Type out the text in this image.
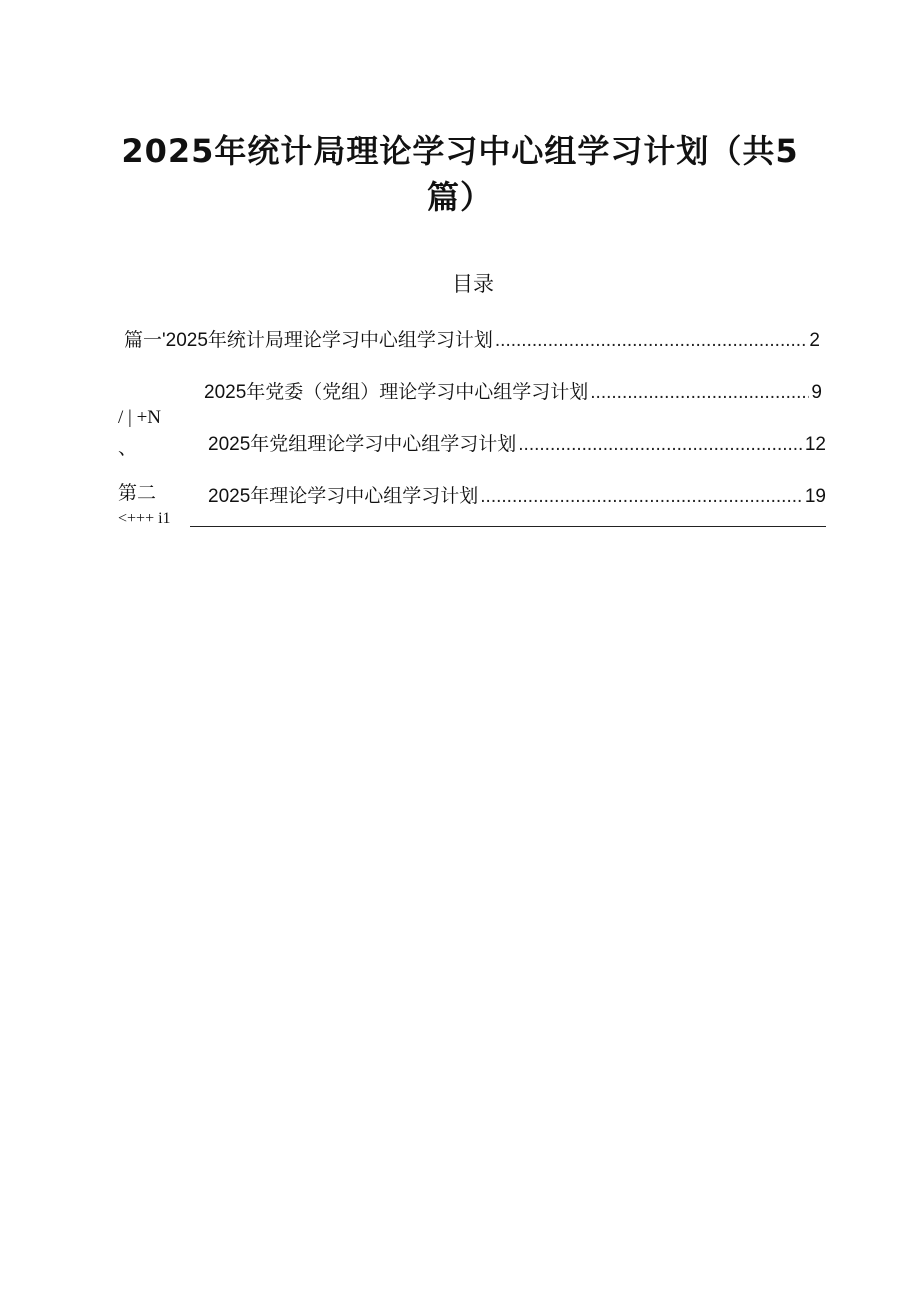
2025年统计局理论学习中心组学习计划（共5
篇）
目录
篇一'2025年统计局理论学习中心组学习计划 .....	2
2025年党委（党组）理论学习中心组学习计划 .....	9
2025年党组理论学习中心组学习计划 .....	12
2025年理论学习中心组学习计划 .....	19
/ | +N
、
第二
<+++ i1
